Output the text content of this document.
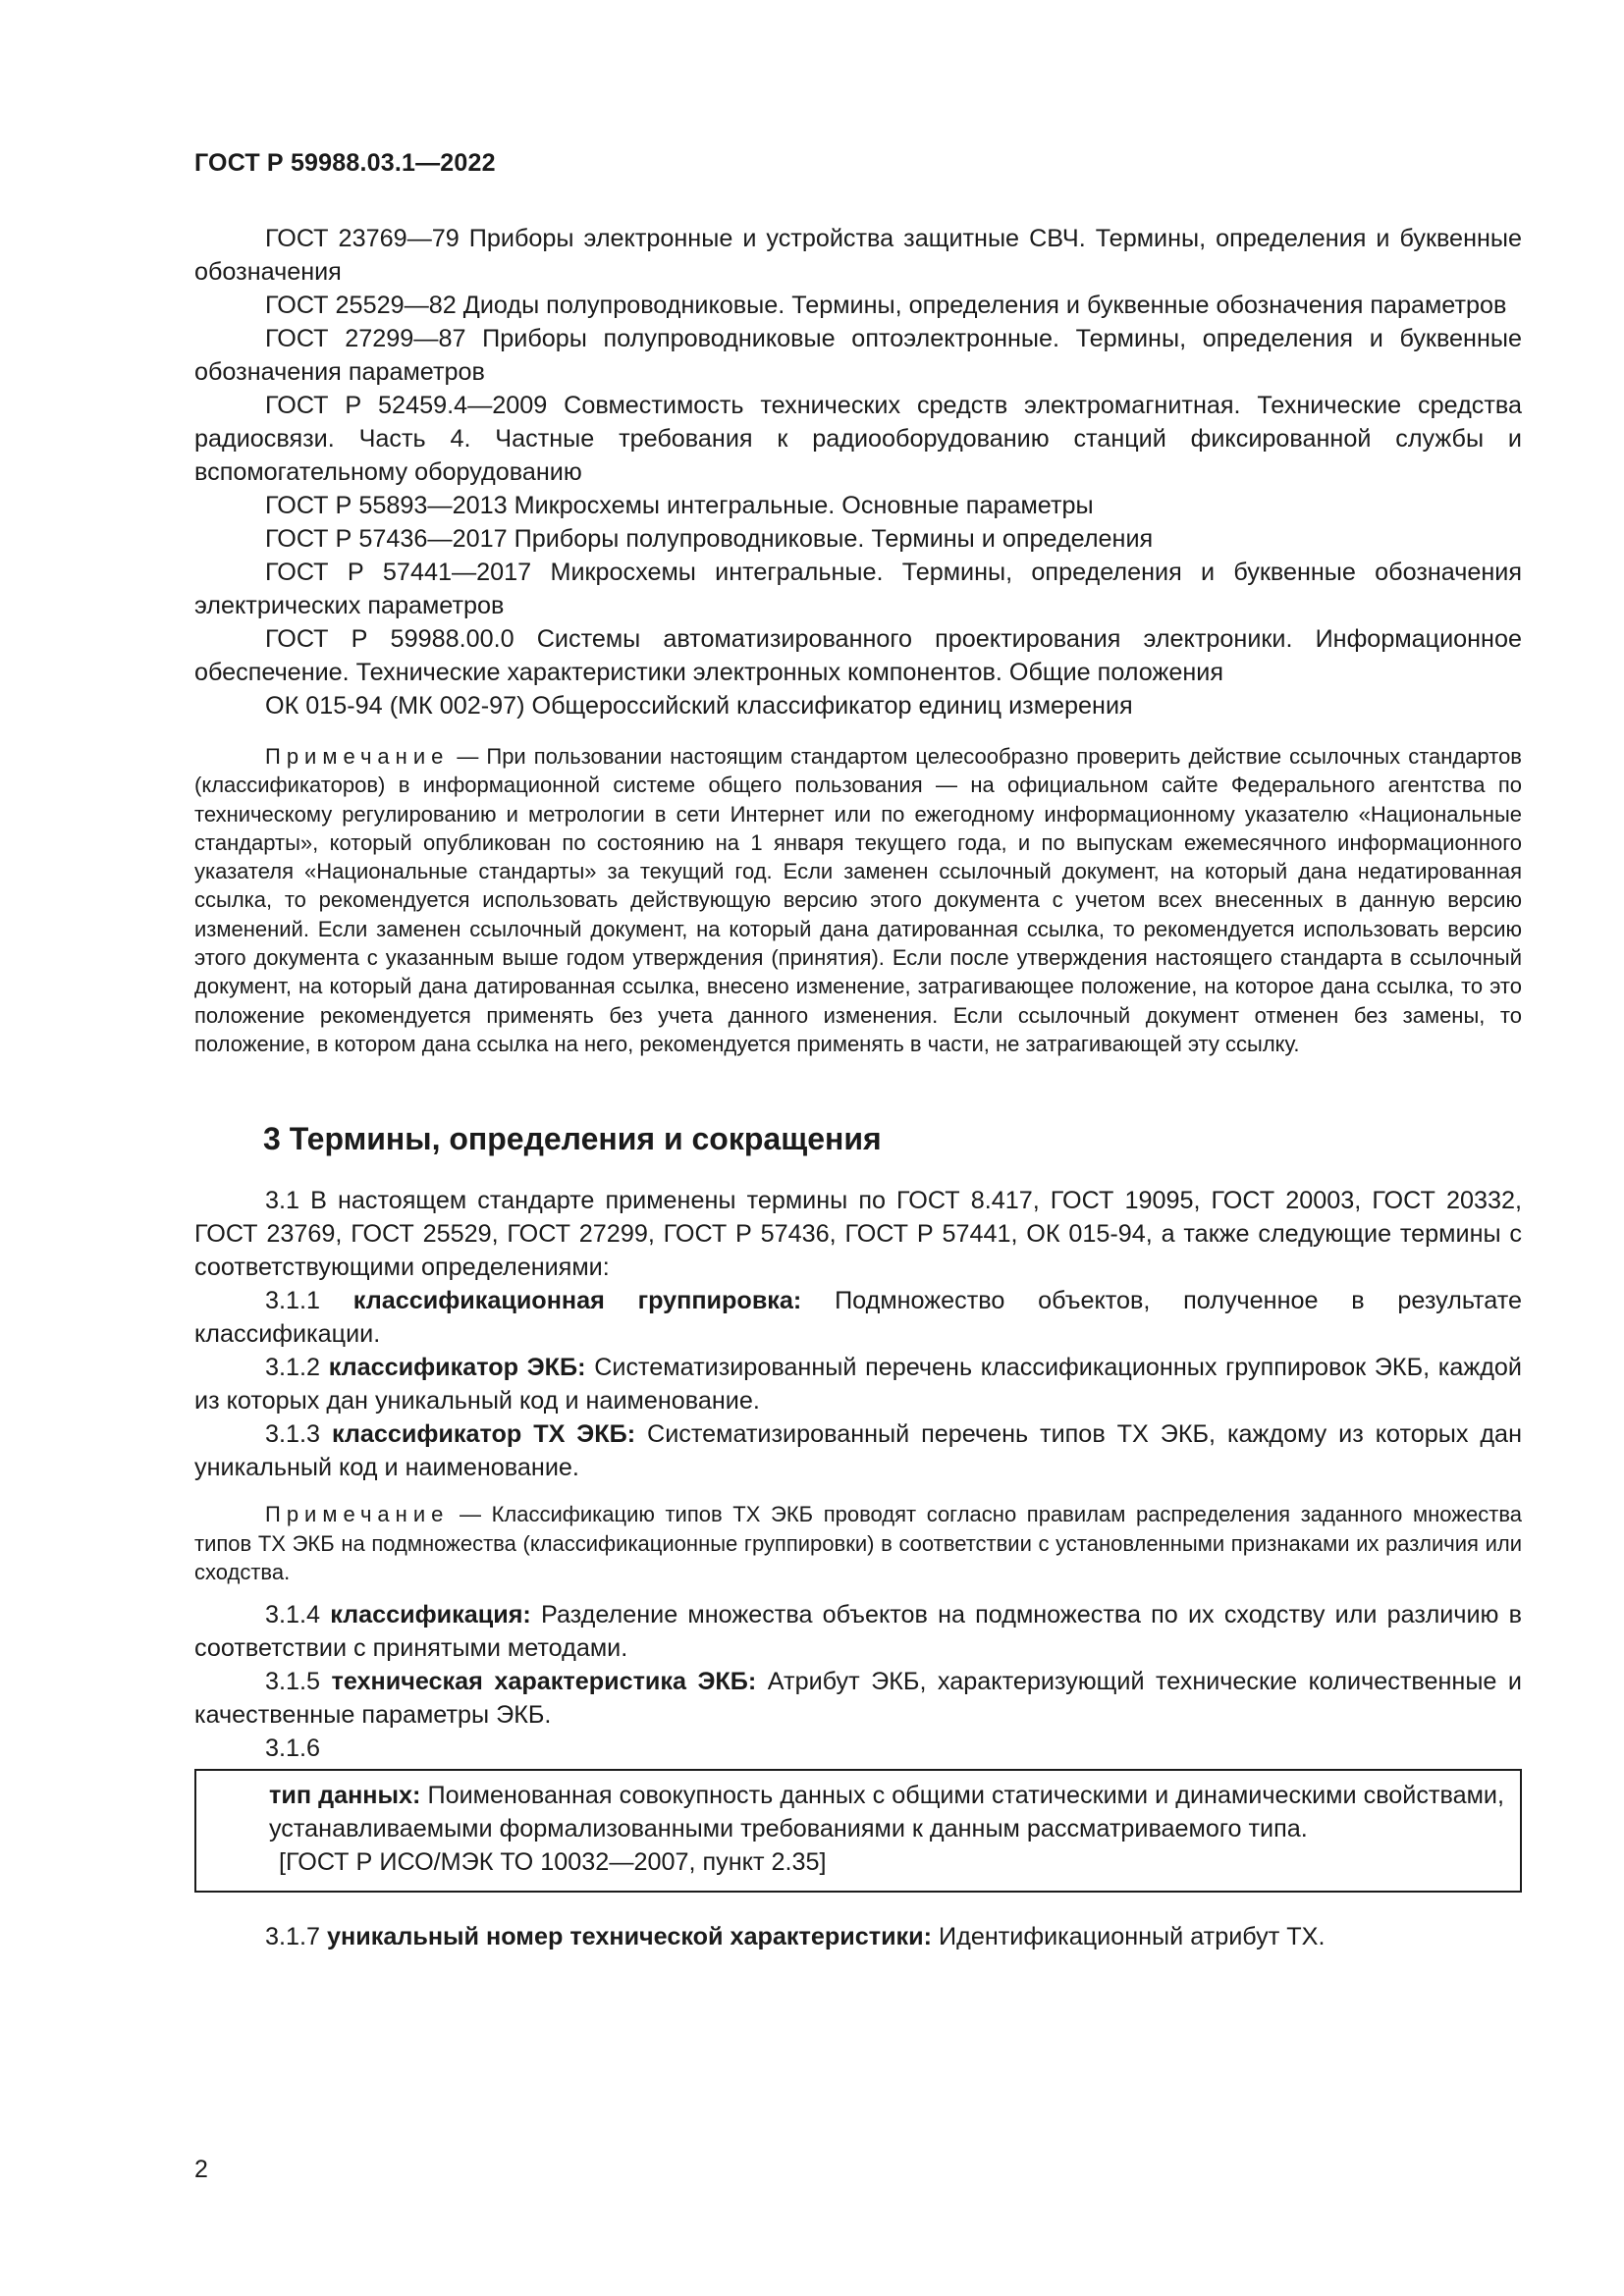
ГОСТ Р 59988.03.1—2022

ГОСТ 23769—79 Приборы электронные и устройства защитные СВЧ. Термины, определения и буквенные обозначения

ГОСТ 25529—82 Диоды полупроводниковые. Термины, определения и буквенные обозначения параметров

ГОСТ 27299—87 Приборы полупроводниковые оптоэлектронные. Термины, определения и буквенные обозначения параметров

ГОСТ Р 52459.4—2009 Совместимость технических средств электромагнитная. Технические средства радиосвязи. Часть 4. Частные требования к радиооборудованию станций фиксированной службы и вспомогательному оборудованию

ГОСТ Р 55893—2013 Микросхемы интегральные. Основные параметры

ГОСТ Р 57436—2017 Приборы полупроводниковые. Термины и определения

ГОСТ Р 57441—2017 Микросхемы интегральные. Термины, определения и буквенные обозначения электрических параметров

ГОСТ Р 59988.00.0 Системы автоматизированного проектирования электроники. Информационное обеспечение. Технические характеристики электронных компонентов. Общие положения

ОК 015-94 (МК 002-97) Общероссийский классификатор единиц измерения

Примечание — При пользовании настоящим стандартом целесообразно проверить действие ссылочных стандартов (классификаторов) в информационной системе общего пользования — на официальном сайте Федерального агентства по техническому регулированию и метрологии в сети Интернет или по ежегодному информационному указателю «Национальные стандарты», который опубликован по состоянию на 1 января текущего года, и по выпускам ежемесячного информационного указателя «Национальные стандарты» за текущий год. Если заменен ссылочный документ, на который дана недатированная ссылка, то рекомендуется использовать действующую версию этого документа с учетом всех внесенных в данную версию изменений. Если заменен ссылочный документ, на который дана датированная ссылка, то рекомендуется использовать версию этого документа с указанным выше годом утверждения (принятия). Если после утверждения настоящего стандарта в ссылочный документ, на который дана датированная ссылка, внесено изменение, затрагивающее положение, на которое дана ссылка, то это положение рекомендуется применять без учета данного изменения. Если ссылочный документ отменен без замены, то положение, в котором дана ссылка на него, рекомендуется применять в части, не затрагивающей эту ссылку.

3 Термины, определения и сокращения

3.1 В настоящем стандарте применены термины по ГОСТ 8.417, ГОСТ 19095, ГОСТ 20003, ГОСТ 20332, ГОСТ 23769, ГОСТ 25529, ГОСТ 27299, ГОСТ Р 57436, ГОСТ Р 57441, ОК 015-94, а также следующие термины с соответствующими определениями:

3.1.1 классификационная группировка: Подмножество объектов, полученное в результате классификации.

3.1.2 классификатор ЭКБ: Систематизированный перечень классификационных группировок ЭКБ, каждой из которых дан уникальный код и наименование.

3.1.3 классификатор ТХ ЭКБ: Систематизированный перечень типов ТХ ЭКБ, каждому из которых дан уникальный код и наименование.

Примечание — Классификацию типов ТХ ЭКБ проводят согласно правилам распределения заданного множества типов ТХ ЭКБ на подмножества (классификационные группировки) в соответствии с установленными признаками их различия или сходства.

3.1.4 классификация: Разделение множества объектов на подмножества по их сходству или различию в соответствии с принятыми методами.

3.1.5 техническая характеристика ЭКБ: Атрибут ЭКБ, характеризующий технические количественные и качественные параметры ЭКБ.

3.1.6

тип данных: Поименованная совокупность данных с общими статическими и динамическими свойствами, устанавливаемыми формализованными требованиями к данным рассматриваемого типа.

[ГОСТ Р ИСО/МЭК ТО 10032—2007, пункт 2.35]

3.1.7 уникальный номер технической характеристики: Идентификационный атрибут ТХ.

2
